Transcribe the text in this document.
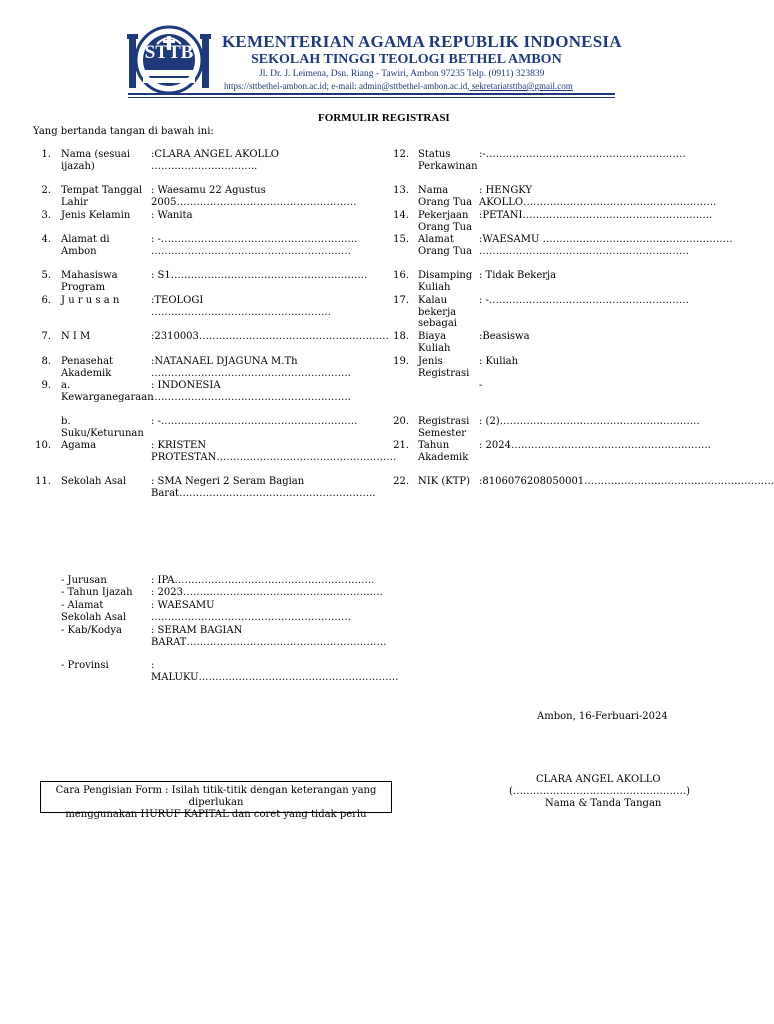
STTB
KEMENTERIAN AGAMA REPUBLIK INDONESIA
SEKOLAH TINGGI TEOLOGI BETHEL AMBON
Jl. Dr. J. Leimena, Dsn. Riang - Tawiri, Ambon 97235 Telp. (0911) 323839
https://sttbethel-ambon.ac.id; e-mail: admin@sttbethel-ambon.ac.id, sekretariatsttba@gmail.com
FORMULIR REGISTRASI
Yang bertanda tangan di bawah ini:
1. Nama (sesuai ijazah)
:CLARA ANGEL AKOLLO …………………………..
2. Tempat Tanggal Lahir
: Waesamu 22 Agustus 2005………………………………………………
3. Jenis Kelamin	: Wanita
4. Alamat di Ambon
: -………………………………………………….. ……………………………………………………
5. Mahasiswa Program
: S1…………………………………………………..
6. J u r u s a n	:TEOLOGI ………………………………………………
7. N I M	:2310003…………………………………………………
8. Penasehat Akademik
:NATANAEL DJAGUNA M.Th ……………………………………………………
9. a. Kewarganegaraan
: INDONESIA ……………………………………………………
b. Suku/Keturunan
: -…………………………………………………..
10. Agama	: KRISTEN PROTESTAN………………………………………………
11. Sekolah Asal	: SMA Negeri 2 Seram Bagian Barat…………………………………………………..
12. Status Perkawinan
:-……………………………………………………
13. Nama Orang Tua
: HENGKY AKOLLO………………………………………………….
14. Pekerjaan Orang Tua
:PETANI…………………………………………………
15. Alamat Orang Tua
:WAESAMU ………………………………………………… ………………………………………………………
16. Disamping Kuliah
: Tidak Bekerja
17. Kalau bekerja sebagai
: -……………………………………………………
18. Biaya Kuliah
:Beasiswa
19. Jenis Registrasi
: Kuliah
-
20. Registrasi Semester
: (2)……………………………………………………
21. Tahun Akademik
: 2024……………………………………………………
22. NIK (KTP) :8106076208050001…………………………………………………
- Jurusan	: IPA……………………………………………………
- Tahun Ijazah	: 2023……………………………………………………
- Alamat Sekolah Asal
: WAESAMU ……………………………………………………
- Kab/Kodya	: SERAM BAGIAN BARAT……………………………………………………
- Provinsi	: MALUKU……………………………………………………
Ambon, 16-Ferbuari-2024
CLARA ANGEL AKOLLO
(…………………………………………….)
Nama & Tanda Tangan
Cara Pengisian Form : Isilah titik-titik dengan keterangan yang diperlukan
menggunakan HURUF KAPITAL dan coret yang tidak perlu
